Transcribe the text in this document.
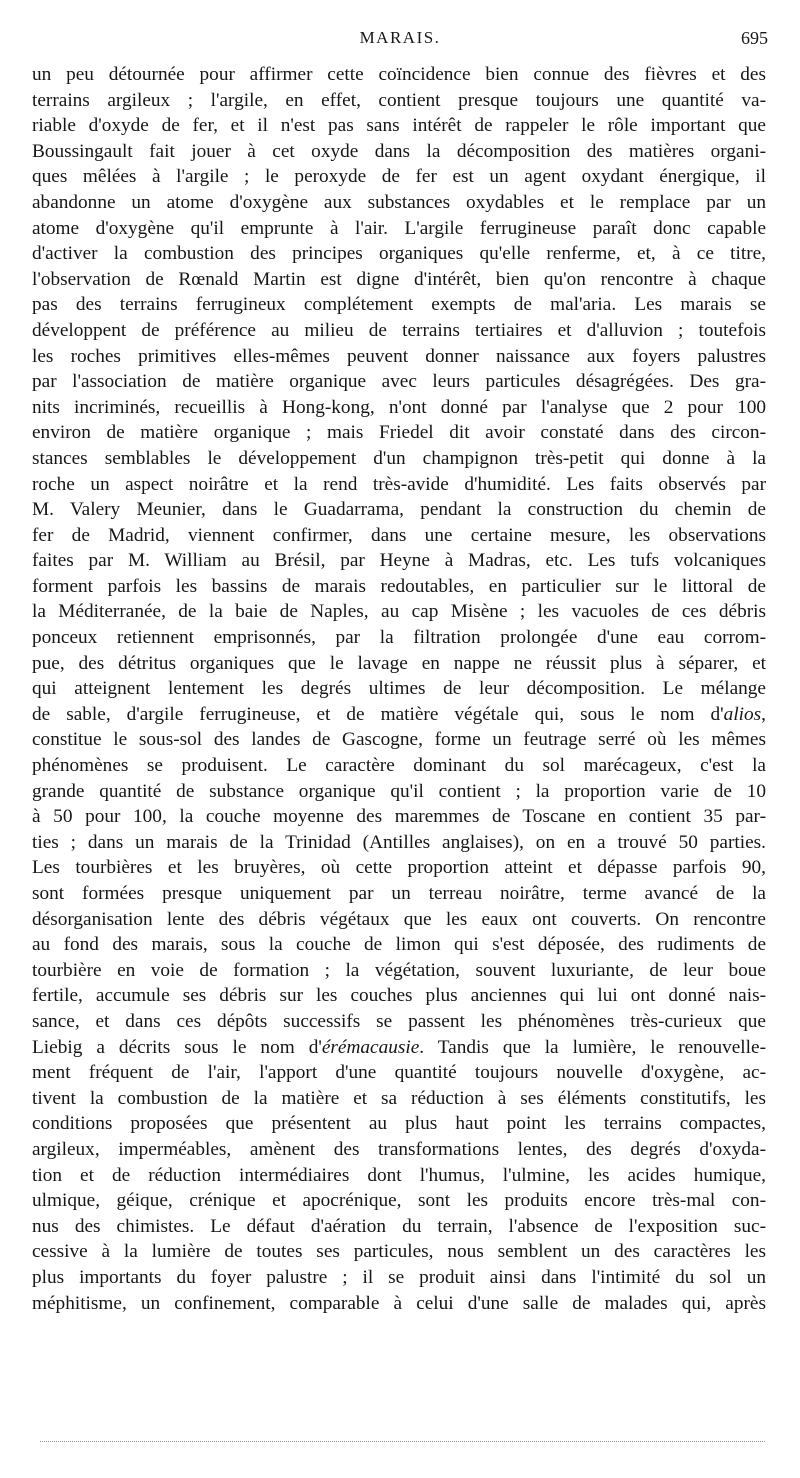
MARAIS.	695
un peu détournée pour affirmer cette coïncidence bien connue des fièvres et des
terrains argileux ; l'argile, en effet, contient presque toujours une quantité va-
riable d'oxyde de fer, et il n'est pas sans intérêt de rappeler le rôle important que
Boussingault fait jouer à cet oxyde dans la décomposition des matières organi-
ques mêlées à l'argile ; le peroxyde de fer est un agent oxydant énergique, il
abandonne un atome d'oxygène aux substances oxydables et le remplace par un
atome d'oxygène qu'il emprunte à l'air. L'argile ferrugineuse paraît donc capable
d'activer la combustion des principes organiques qu'elle renferme, et, à ce titre,
l'observation de Rœnald Martin est digne d'intérêt, bien qu'on rencontre à chaque
pas des terrains ferrugineux complétement exempts de mal'aria. Les marais se
développent de préférence au milieu de terrains tertiaires et d'alluvion ; toutefois
les roches primitives elles-mêmes peuvent donner naissance aux foyers palustres
par l'association de matière organique avec leurs particules désagrégées. Des gra-
nits incriminés, recueillis à Hong-kong, n'ont donné par l'analyse que 2 pour 100
environ de matière organique ; mais Friedel dit avoir constaté dans des circon-
stances semblables le développement d'un champignon très-petit qui donne à la
roche un aspect noirâtre et la rend très-avide d'humidité. Les faits observés par
M. Valery Meunier, dans le Guadarrama, pendant la construction du chemin de
fer de Madrid, viennent confirmer, dans une certaine mesure, les observations
faites par M. William au Brésil, par Heyne à Madras, etc. Les tufs volcaniques
forment parfois les bassins de marais redoutables, en particulier sur le littoral de
la Méditerranée, de la baie de Naples, au cap Misène ; les vacuoles de ces débris
ponceux retiennent emprisonnés, par la filtration prolongée d'une eau corrom-
pue, des détritus organiques que le lavage en nappe ne réussit plus à séparer, et
qui atteignent lentement les degrés ultimes de leur décomposition. Le mélange
de sable, d'argile ferrugineuse, et de matière végétale qui, sous le nom d'alios,
constitue le sous-sol des landes de Gascogne, forme un feutrage serré où les mêmes
phénomènes se produisent. Le caractère dominant du sol marécageux, c'est la
grande quantité de substance organique qu'il contient ; la proportion varie de 10
à 50 pour 100, la couche moyenne des maremmes de Toscane en contient 35 par-
ties ; dans un marais de la Trinidad (Antilles anglaises), on en a trouvé 50 parties.
Les tourbières et les bruyères, où cette proportion atteint et dépasse parfois 90,
sont formées presque uniquement par un terreau noirâtre, terme avancé de la
désorganisation lente des débris végétaux que les eaux ont couverts. On rencontre
au fond des marais, sous la couche de limon qui s'est déposée, des rudiments de
tourbière en voie de formation ; la végétation, souvent luxuriante, de leur boue
fertile, accumule ses débris sur les couches plus anciennes qui lui ont donné nais-
sance, et dans ces dépôts successifs se passent les phénomènes très-curieux que
Liebig a décrits sous le nom d'érémacausie. Tandis que la lumière, le renouvelle-
ment fréquent de l'air, l'apport d'une quantité toujours nouvelle d'oxygène, ac-
tivent la combustion de la matière et sa réduction à ses éléments constitutifs, les
conditions proposées que présentent au plus haut point les terrains compactes,
argileux, imperméables, amènent des transformations lentes, des degrés d'oxyda-
tion et de réduction intermédiaires dont l'humus, l'ulmine, les acides humique,
ulmique, géique, crénique et apocrénique, sont les produits encore très-mal con-
nus des chimistes. Le défaut d'aération du terrain, l'absence de l'exposition suc-
cessive à la lumière de toutes ses particules, nous semblent un des caractères les
plus importants du foyer palustre ; il se produit ainsi dans l'intimité du sol un
méphitisme, un confinement, comparable à celui d'une salle de malades qui, après
